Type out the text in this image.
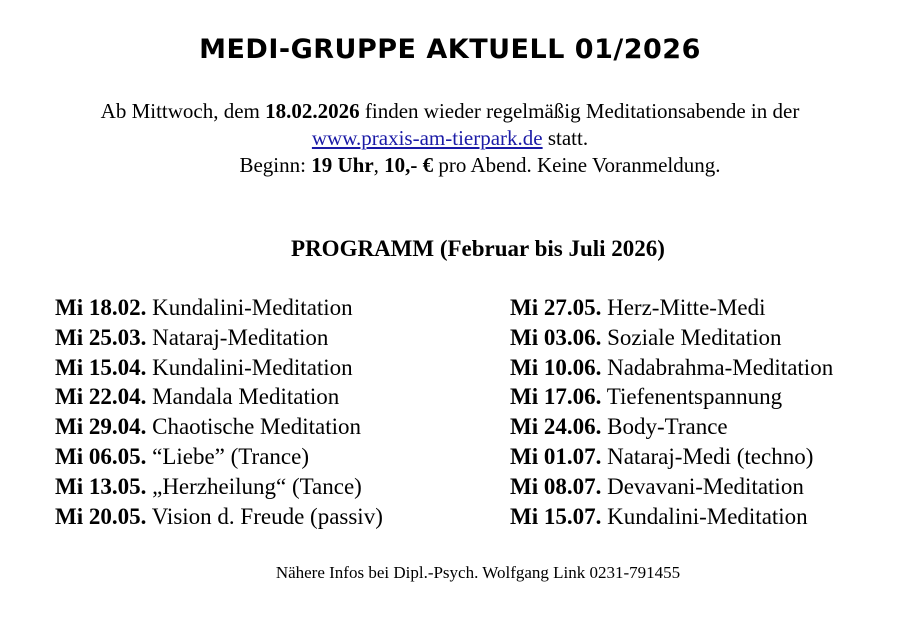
MEDI-GRUPPE AKTUELL 01/2026
Ab Mittwoch, dem 18.02.2026 finden wieder regelmäßig Meditationsabende in der
www.praxis-am-tierpark.de statt.
Beginn: 19 Uhr, 10,- € pro Abend. Keine Voranmeldung.
PROGRAMM (Februar bis Juli 2026)
Mi 18.02. Kundalini-Meditation
Mi 25.03. Nataraj-Meditation
Mi 15.04. Kundalini-Meditation
Mi 22.04. Mandala Meditation
Mi 29.04. Chaotische Meditation
Mi 06.05. “Liebe” (Trance)
Mi 13.05. „Herzheilung“ (Tance)
Mi 20.05. Vision d. Freude (passiv)
Mi 27.05. Herz-Mitte-Medi
Mi 03.06. Soziale Meditation
Mi 10.06. Nadabrahma-Meditation
Mi 17.06. Tiefenentspannung
Mi 24.06. Body-Trance
Mi 01.07. Nataraj-Medi (techno)
Mi 08.07. Devavani-Meditation
Mi 15.07. Kundalini-Meditation
Nähere Infos bei Dipl.-Psych. Wolfgang Link 0231-791455
